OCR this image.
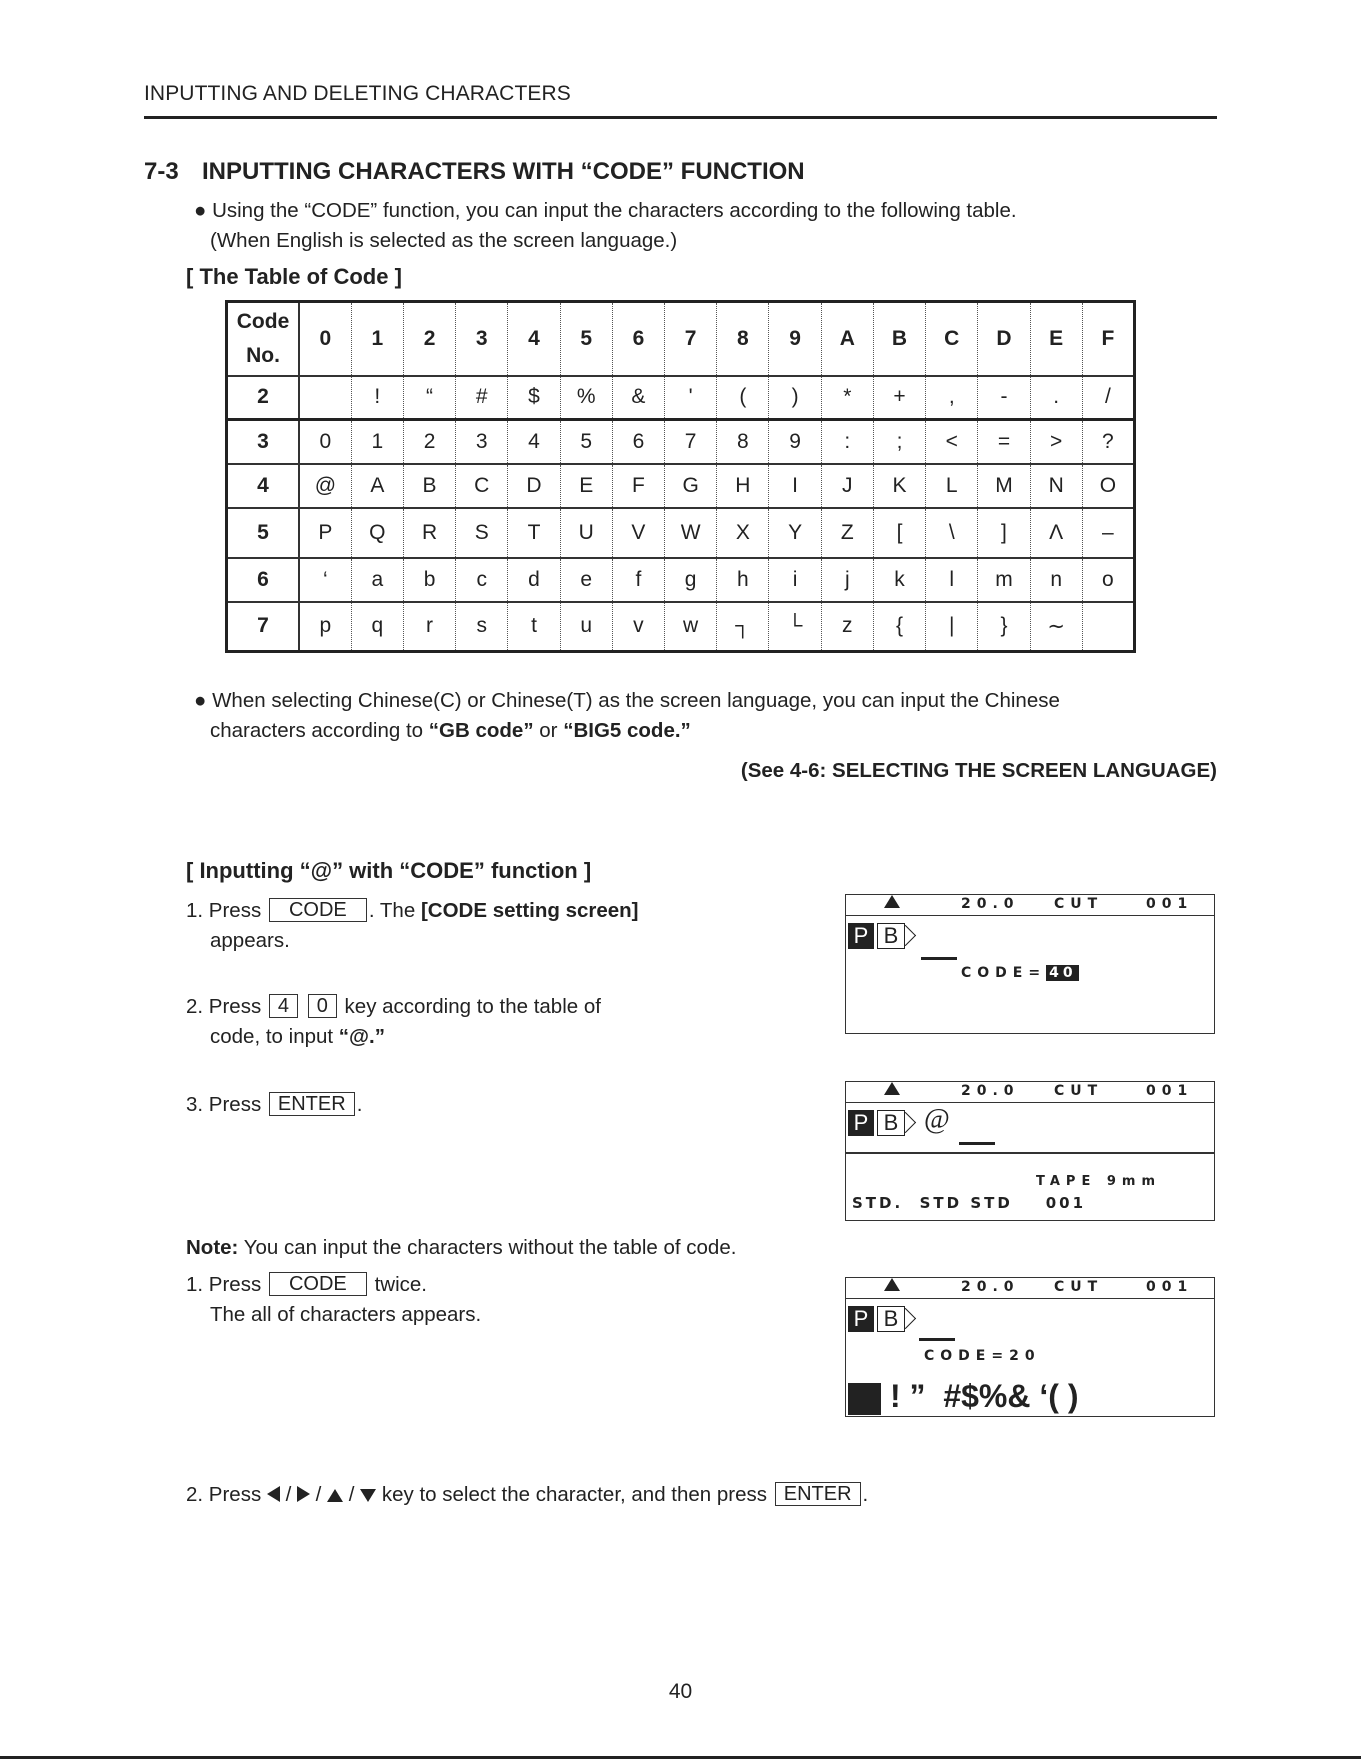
INPUTTING AND DELETING CHARACTERS
7-3 INPUTTING CHARACTERS WITH “CODE” FUNCTION
● Using the “CODE” function, you can input the characters according to the following table.
(When English is selected as the screen language.)
[ The Table of Code ]
Code
No.	0	1	2	3	4	5	6	7	8	9	A	B	C	D	E	F
2		!	“	#	$	%	&	'	(	)	*	+	,	-	.	/
3	0	1	2	3	4	5	6	7	8	9	:	;	<	=	>	?
4	@	A	B	C	D	E	F	G	H	I	J	K	L	M	N	O
5	P	Q	R	S	T	U	V	W	X	Y	Z	[	\	]	Λ	–
6	‘	a	b	c	d	e	f	g	h	i	j	k	l	m	n	o
7	p	q	r	s	t	u	v	w	┐	└	z	{	|	}	∼	
● When selecting Chinese(C) or Chinese(T) as the screen language, you can input the Chinese
characters according to “GB code” or “BIG5 code.”
(See 4-6: SELECTING THE SCREEN LANGUAGE)
[ Inputting “@” with “CODE” function ]
1. Press CODE . The [CODE setting screen]
appears.
2. Press 4 0 key according to the table of
code, to input “@.”
3. Press ENTER .
Note: You can input the characters without the table of code.
1. Press CODE twice.
The all of characters appears.
2. Press  /  /  /  key to select the character, and then press ENTER .
20.0 CUT	001
P B
CODE= 40
20.0 CUT	001
P B @
TAPE 9mm
STD.  STD STD    001
20.0 CUT	001
P B
CODE=20
! ”  #$%& ‘( )
40
